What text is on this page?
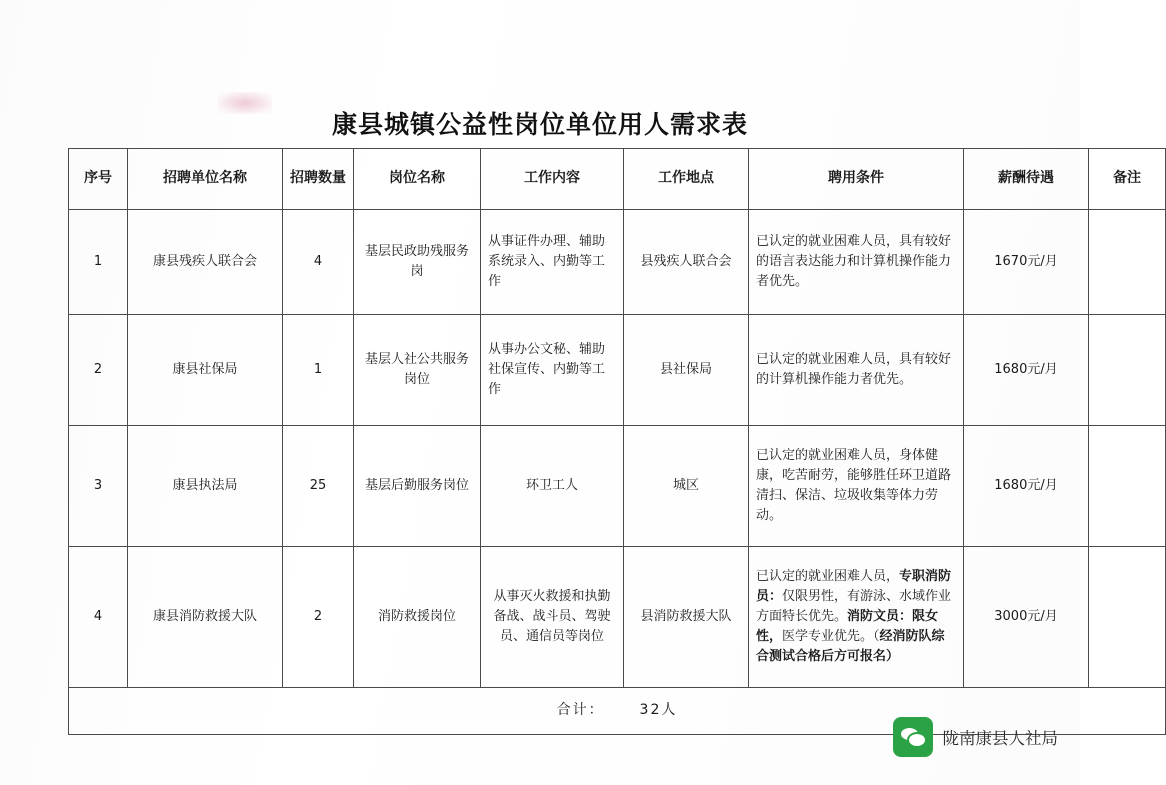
康县城镇公益性岗位单位用人需求表
序号	招聘单位名称	招聘数量	岗位名称	工作内容	工作地点	聘用条件	薪酬待遇	备注
1	康县残疾人联合会	4	基层民政助残服务岗	从事证件办理、辅助系统录入、内勤等工作	县残疾人联合会	已认定的就业困难人员，具有较好的语言表达能力和计算机操作能力者优先。	1670元/月	
2	康县社保局	1	基层人社公共服务岗位	从事办公文秘、辅助社保宣传、内勤等工作	县社保局	已认定的就业困难人员，具有较好的计算机操作能力者优先。	1680元/月	
3	康县执法局	25	基层后勤服务岗位	环卫工人	城区	已认定的就业困难人员，身体健康，吃苦耐劳，能够胜任环卫道路清扫、保洁、垃圾收集等体力劳动。	1680元/月	
4	康县消防救援大队	2	消防救援岗位	从事灭火救援和执勤备战、战斗员、驾驶员、通信员等岗位	县消防救援大队	已认定的就业困难人员，专职消防员：仅限男性，有游泳、水域作业方面特长优先。消防文员：限女性，医学专业优先。（经消防队综合测试合格后方可报名）	3000元/月	
合计： 32人								
陇南康县人社局
